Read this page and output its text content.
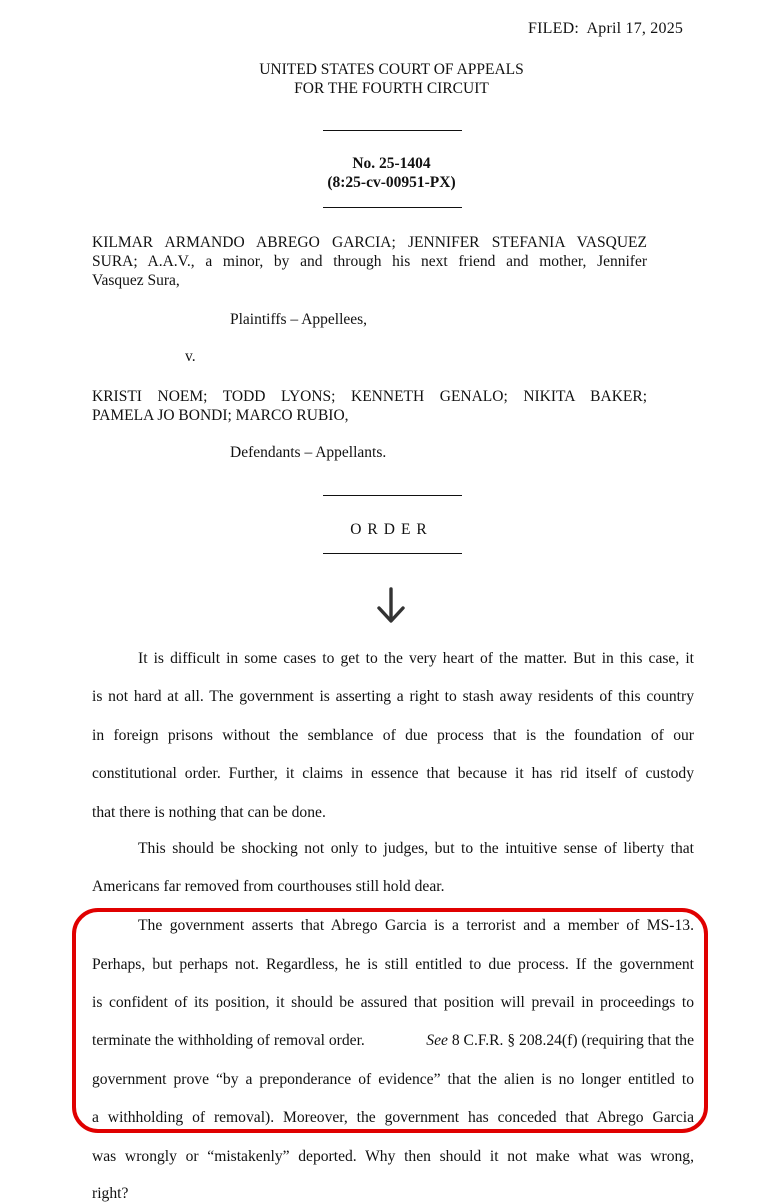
FILED: April 17, 2025
UNITED STATES COURT OF APPEALS
FOR THE FOURTH CIRCUIT
No. 25-1404
(8:25-cv-00951-PX)
KILMAR ARMANDO ABREGO GARCIA; JENNIFER STEFANIA VASQUEZ
SURA; A.A.V., a minor, by and through his next friend and mother, Jennifer
Vasquez Sura,
Plaintiffs – Appellees,
v.
KRISTI NOEM; TODD LYONS; KENNETH GENALO; NIKITA BAKER;
PAMELA JO BONDI; MARCO RUBIO,
Defendants – Appellants.
ORDER
It is difficult in some cases to get to the very heart of the matter. But in this case, it
is not hard at all. The government is asserting a right to stash away residents of this country
in foreign prisons without the semblance of due process that is the foundation of our
constitutional order. Further, it claims in essence that because it has rid itself of custody
that there is nothing that can be done.
This should be shocking not only to judges, but to the intuitive sense of liberty that
Americans far removed from courthouses still hold dear.
The government asserts that Abrego Garcia is a terrorist and a member of MS-13.
Perhaps, but perhaps not. Regardless, he is still entitled to due process. If the government
is confident of its position, it should be assured that position will prevail in proceedings to
terminate the withholding of removal order.	See 8 C.F.R. § 208.24(f) (requiring that the
government prove “by a preponderance of evidence” that the alien is no longer entitled to
a withholding of removal). Moreover, the government has conceded that Abrego Garcia
was wrongly or “mistakenly” deported. Why then should it not make what was wrong,
right?
